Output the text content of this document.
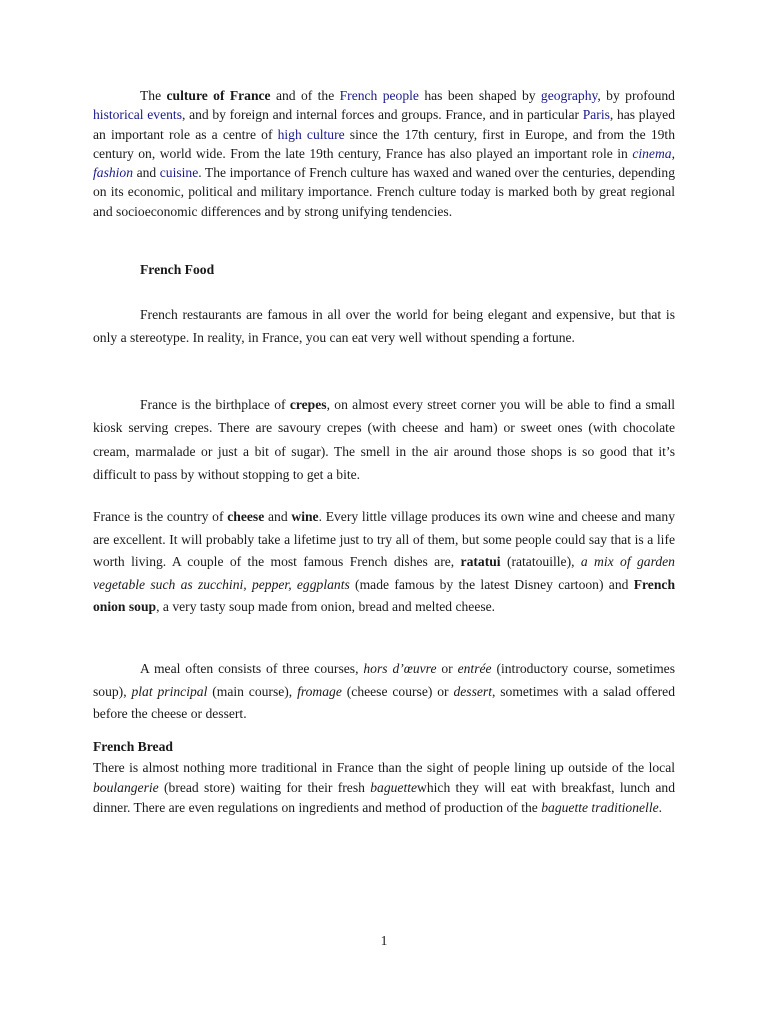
The culture of France and of the French people has been shaped by geography, by profound historical events, and by foreign and internal forces and groups. France, and in particular Paris, has played an important role as a centre of high culture since the 17th century, first in Europe, and from the 19th century on, world wide. From the late 19th century, France has also played an important role in cinema, fashion and cuisine. The importance of French culture has waxed and waned over the centuries, depending on its economic, political and military importance. French culture today is marked both by great regional and socioeconomic differences and by strong unifying tendencies.

French Food

French restaurants are famous in all over the world for being elegant and expensive, but that is only a stereotype. In reality, in France, you can eat very well without spending a fortune.

France is the birthplace of crepes, on almost every street corner you will be able to find a small kiosk serving crepes. There are savoury crepes (with cheese and ham) or sweet ones (with chocolate cream, marmalade or just a bit of sugar). The smell in the air around those shops is so good that it’s difficult to pass by without stopping to get a bite.

France is the country of cheese and wine. Every little village produces its own wine and cheese and many are excellent. It will probably take a lifetime just to try all of them, but some people could say that is a life worth living. A couple of the most famous French dishes are, ratatui (ratatouille), a mix of garden vegetable such as zucchini, pepper, eggplants (made famous by the latest Disney cartoon) and French onion soup, a very tasty soup made from onion, bread and melted cheese.

A meal often consists of three courses, hors d’œuvre or entrée (introductory course, sometimes soup), plat principal (main course), fromage (cheese course) or dessert, sometimes with a salad offered before the cheese or dessert.

French Bread

There is almost nothing more traditional in France than the sight of people lining up outside of the local boulangerie (bread store) waiting for their fresh baguettewhich they will eat with breakfast, lunch and dinner. There are even regulations on ingredients and method of production of the baguette traditionelle.

1
